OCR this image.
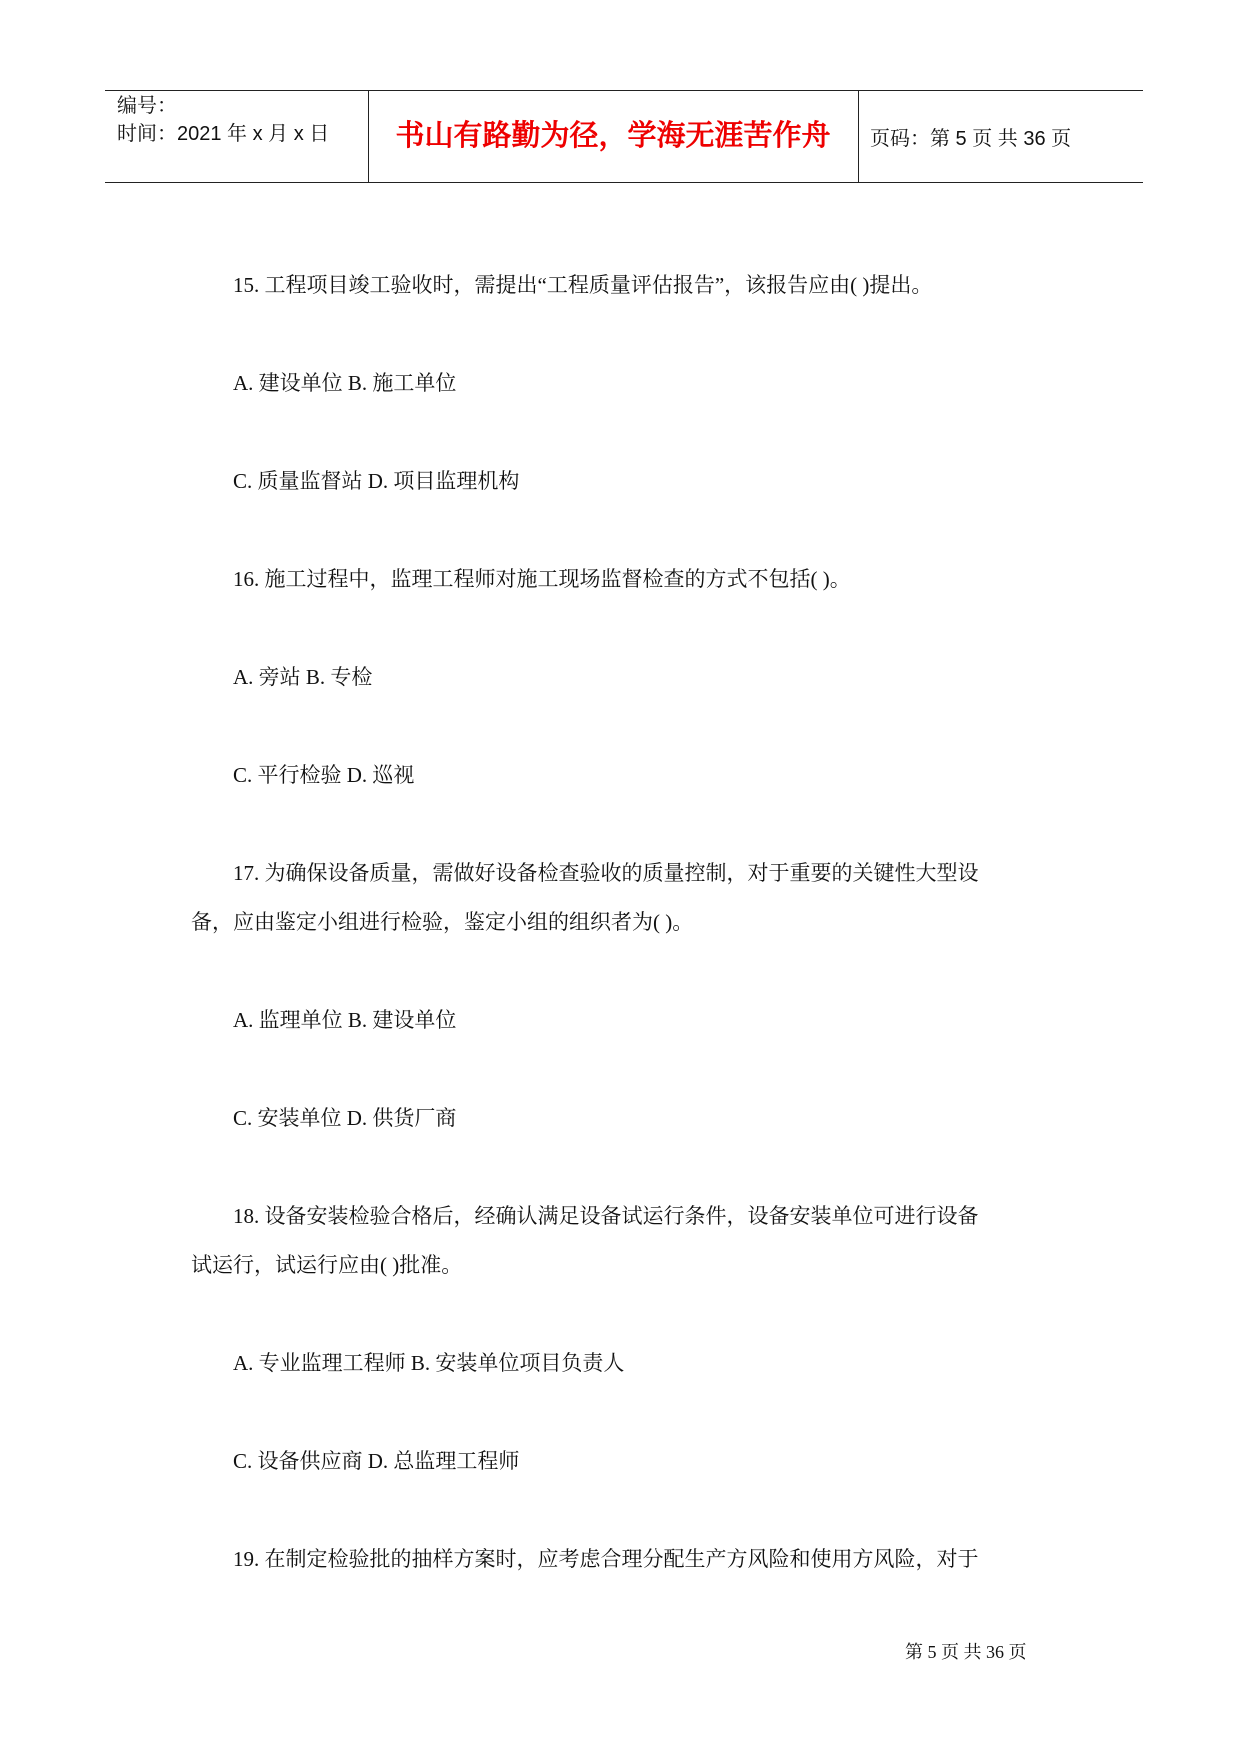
编号：
时间：2021 年 x 月 x 日	书山有路勤为径，学海无涯苦作舟	页码：第 5 页 共 36 页
15. 工程项目竣工验收时，需提出“工程质量评估报告”，该报告应由( )提出。
A. 建设单位 B. 施工单位
C. 质量监督站 D. 项目监理机构
16. 施工过程中，监理工程师对施工现场监督检查的方式不包括( )。
A. 旁站 B. 专检
C. 平行检验 D. 巡视
17. 为确保设备质量，需做好设备检查验收的质量控制，对于重要的关键性大型设
备，应由鉴定小组进行检验，鉴定小组的组织者为( )。
A. 监理单位 B. 建设单位
C. 安装单位 D. 供货厂商
18. 设备安装检验合格后，经确认满足设备试运行条件，设备安装单位可进行设备
试运行，试运行应由( )批准。
A. 专业监理工程师 B. 安装单位项目负责人
C. 设备供应商 D. 总监理工程师
19. 在制定检验批的抽样方案时，应考虑合理分配生产方风险和使用方风险，对于
第 5 页 共 36 页
